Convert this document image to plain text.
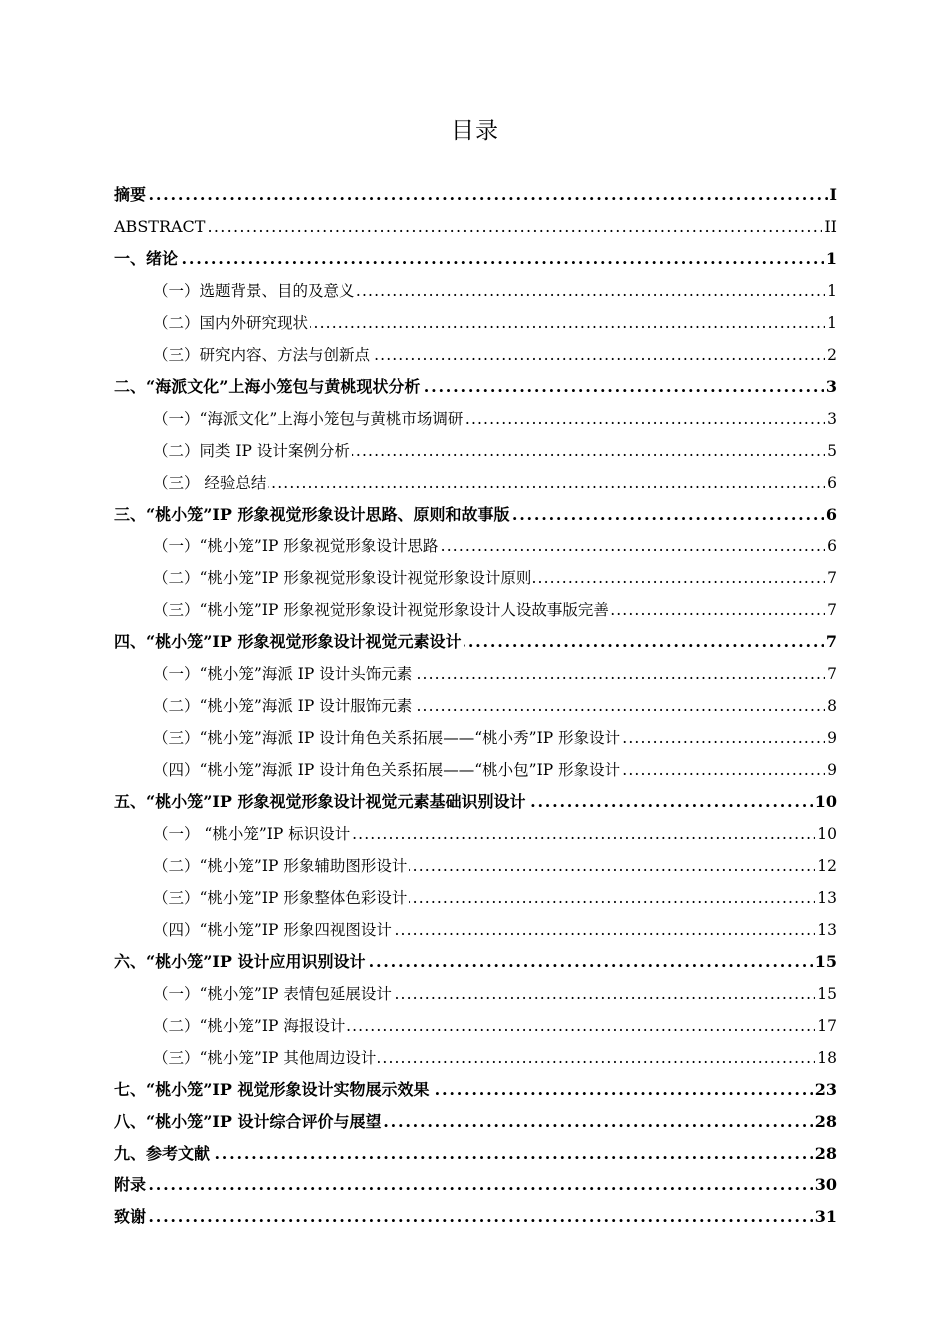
目录
摘要 . . .	I
ABSTRACT . . .	II
一、绪论 . . .	1
（一）选题背景、目的及意义 . . .	1
（二）国内外研究现状 . . .	1
（三）研究内容、方法与创新点 . . .	2
二、“海派文化”上海小笼包与黄桃现状分析 . . .	3
（一）“海派文化”上海小笼包与黄桃市场调研 . . .	3
（二）同类 IP 设计案例分析 . . .	5
（三） 经验总结 . . .	6
三、“桃小笼”IP 形象视觉形象设计思路、原则和故事版 . . .	6
（一）“桃小笼”IP 形象视觉形象设计思路 . . .	6
（二）“桃小笼”IP 形象视觉形象设计视觉形象设计原则 . . .	7
（三）“桃小笼”IP 形象视觉形象设计视觉形象设计人设故事版完善 . . .	7
四、“桃小笼”IP 形象视觉形象设计视觉元素设计 . . .	7
（一）“桃小笼”海派 IP 设计头饰元素 . . .	7
（二）“桃小笼”海派 IP 设计服饰元素 . . .	8
（三）“桃小笼”海派 IP 设计角色关系拓展——“桃小秀”IP 形象设计 . . .	9
（四）“桃小笼”海派 IP 设计角色关系拓展——“桃小包”IP 形象设计 . . .	9
五、“桃小笼”IP 形象视觉形象设计视觉元素基础识别设计 . . .	10
（一） “桃小笼”IP 标识设计 . . .	10
（二）“桃小笼”IP 形象辅助图形设计 . . .	12
（三）“桃小笼”IP 形象整体色彩设计 . . .	13
（四）“桃小笼”IP 形象四视图设计 . . .	13
六、“桃小笼”IP 设计应用识别设计 . . .	15
（一）“桃小笼”IP 表情包延展设计 . . .	15
（二）“桃小笼”IP 海报设计 . . .	17
（三）“桃小笼”IP 其他周边设计 . . .	18
七、“桃小笼”IP 视觉形象设计实物展示效果 . . .	23
八、“桃小笼”IP 设计综合评价与展望 . . .	28
九、参考文献 . . .	28
附录 . . .	30
致谢 . . .	31
